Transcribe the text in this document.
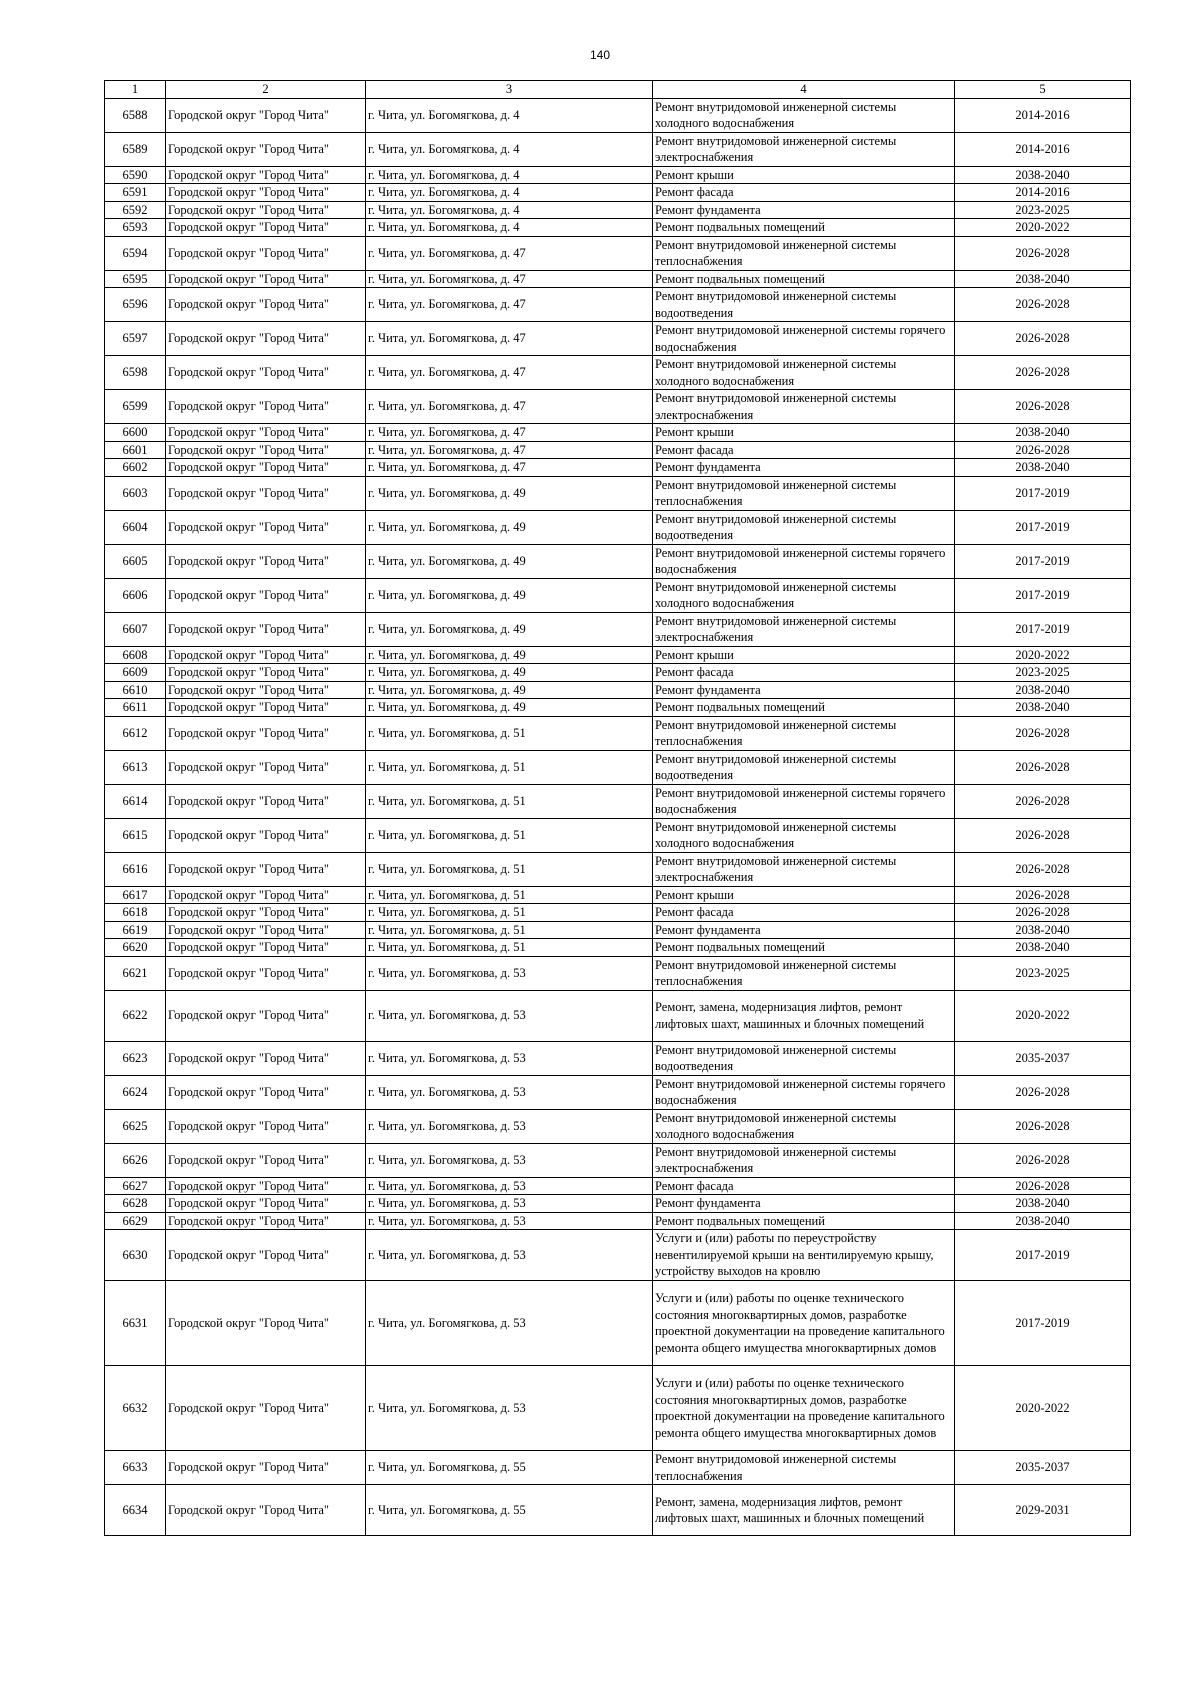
140
1	2	3	4	5
6588	Городской округ "Город Чита"	г. Чита, ул. Богомягкова, д. 4	Ремонт внутридомовой инженерной системы холодного водоснабжения	2014-2016
6589	Городской округ "Город Чита"	г. Чита, ул. Богомягкова, д. 4	Ремонт внутридомовой инженерной системы электроснабжения	2014-2016
6590	Городской округ "Город Чита"	г. Чита, ул. Богомягкова, д. 4	Ремонт крыши	2038-2040
6591	Городской округ "Город Чита"	г. Чита, ул. Богомягкова, д. 4	Ремонт фасада	2014-2016
6592	Городской округ "Город Чита"	г. Чита, ул. Богомягкова, д. 4	Ремонт фундамента	2023-2025
6593	Городской округ "Город Чита"	г. Чита, ул. Богомягкова, д. 4	Ремонт подвальных помещений	2020-2022
6594	Городской округ "Город Чита"	г. Чита, ул. Богомягкова, д. 47	Ремонт внутридомовой инженерной системы теплоснабжения	2026-2028
6595	Городской округ "Город Чита"	г. Чита, ул. Богомягкова, д. 47	Ремонт подвальных помещений	2038-2040
6596	Городской округ "Город Чита"	г. Чита, ул. Богомягкова, д. 47	Ремонт внутридомовой инженерной системы водоотведения	2026-2028
6597	Городской округ "Город Чита"	г. Чита, ул. Богомягкова, д. 47	Ремонт внутридомовой инженерной системы горячего водоснабжения	2026-2028
6598	Городской округ "Город Чита"	г. Чита, ул. Богомягкова, д. 47	Ремонт внутридомовой инженерной системы холодного водоснабжения	2026-2028
6599	Городской округ "Город Чита"	г. Чита, ул. Богомягкова, д. 47	Ремонт внутридомовой инженерной системы электроснабжения	2026-2028
6600	Городской округ "Город Чита"	г. Чита, ул. Богомягкова, д. 47	Ремонт крыши	2038-2040
6601	Городской округ "Город Чита"	г. Чита, ул. Богомягкова, д. 47	Ремонт фасада	2026-2028
6602	Городской округ "Город Чита"	г. Чита, ул. Богомягкова, д. 47	Ремонт фундамента	2038-2040
6603	Городской округ "Город Чита"	г. Чита, ул. Богомягкова, д. 49	Ремонт внутридомовой инженерной системы теплоснабжения	2017-2019
6604	Городской округ "Город Чита"	г. Чита, ул. Богомягкова, д. 49	Ремонт внутридомовой инженерной системы водоотведения	2017-2019
6605	Городской округ "Город Чита"	г. Чита, ул. Богомягкова, д. 49	Ремонт внутридомовой инженерной системы горячего водоснабжения	2017-2019
6606	Городской округ "Город Чита"	г. Чита, ул. Богомягкова, д. 49	Ремонт внутридомовой инженерной системы холодного водоснабжения	2017-2019
6607	Городской округ "Город Чита"	г. Чита, ул. Богомягкова, д. 49	Ремонт внутридомовой инженерной системы электроснабжения	2017-2019
6608	Городской округ "Город Чита"	г. Чита, ул. Богомягкова, д. 49	Ремонт крыши	2020-2022
6609	Городской округ "Город Чита"	г. Чита, ул. Богомягкова, д. 49	Ремонт фасада	2023-2025
6610	Городской округ "Город Чита"	г. Чита, ул. Богомягкова, д. 49	Ремонт фундамента	2038-2040
6611	Городской округ "Город Чита"	г. Чита, ул. Богомягкова, д. 49	Ремонт подвальных помещений	2038-2040
6612	Городской округ "Город Чита"	г. Чита, ул. Богомягкова, д. 51	Ремонт внутридомовой инженерной системы теплоснабжения	2026-2028
6613	Городской округ "Город Чита"	г. Чита, ул. Богомягкова, д. 51	Ремонт внутридомовой инженерной системы водоотведения	2026-2028
6614	Городской округ "Город Чита"	г. Чита, ул. Богомягкова, д. 51	Ремонт внутридомовой инженерной системы горячего водоснабжения	2026-2028
6615	Городской округ "Город Чита"	г. Чита, ул. Богомягкова, д. 51	Ремонт внутридомовой инженерной системы холодного водоснабжения	2026-2028
6616	Городской округ "Город Чита"	г. Чита, ул. Богомягкова, д. 51	Ремонт внутридомовой инженерной системы электроснабжения	2026-2028
6617	Городской округ "Город Чита"	г. Чита, ул. Богомягкова, д. 51	Ремонт крыши	2026-2028
6618	Городской округ "Город Чита"	г. Чита, ул. Богомягкова, д. 51	Ремонт фасада	2026-2028
6619	Городской округ "Город Чита"	г. Чита, ул. Богомягкова, д. 51	Ремонт фундамента	2038-2040
6620	Городской округ "Город Чита"	г. Чита, ул. Богомягкова, д. 51	Ремонт подвальных помещений	2038-2040
6621	Городской округ "Город Чита"	г. Чита, ул. Богомягкова, д. 53	Ремонт внутридомовой инженерной системы теплоснабжения	2023-2025
6622	Городской округ "Город Чита"	г. Чита, ул. Богомягкова, д. 53	Ремонт, замена, модернизация лифтов, ремонт лифтовых шахт, машинных и блочных помещений	2020-2022
6623	Городской округ "Город Чита"	г. Чита, ул. Богомягкова, д. 53	Ремонт внутридомовой инженерной системы водоотведения	2035-2037
6624	Городской округ "Город Чита"	г. Чита, ул. Богомягкова, д. 53	Ремонт внутридомовой инженерной системы горячего водоснабжения	2026-2028
6625	Городской округ "Город Чита"	г. Чита, ул. Богомягкова, д. 53	Ремонт внутридомовой инженерной системы холодного водоснабжения	2026-2028
6626	Городской округ "Город Чита"	г. Чита, ул. Богомягкова, д. 53	Ремонт внутридомовой инженерной системы электроснабжения	2026-2028
6627	Городской округ "Город Чита"	г. Чита, ул. Богомягкова, д. 53	Ремонт фасада	2026-2028
6628	Городской округ "Город Чита"	г. Чита, ул. Богомягкова, д. 53	Ремонт фундамента	2038-2040
6629	Городской округ "Город Чита"	г. Чита, ул. Богомягкова, д. 53	Ремонт подвальных помещений	2038-2040
6630	Городской округ "Город Чита"	г. Чита, ул. Богомягкова, д. 53	Услуги и (или) работы по переустройству невентилируемой крыши на вентилируемую крышу, устройству выходов на кровлю	2017-2019
6631	Городской округ "Город Чита"	г. Чита, ул. Богомягкова, д. 53	Услуги и (или) работы по оценке технического состояния многоквартирных домов, разработке проектной документации на проведение капитального ремонта общего имущества многоквартирных домов	2017-2019
6632	Городской округ "Город Чита"	г. Чита, ул. Богомягкова, д. 53	Услуги и (или) работы по оценке технического состояния многоквартирных домов, разработке проектной документации на проведение капитального ремонта общего имущества многоквартирных домов	2020-2022
6633	Городской округ "Город Чита"	г. Чита, ул. Богомягкова, д. 55	Ремонт внутридомовой инженерной системы теплоснабжения	2035-2037
6634	Городской округ "Город Чита"	г. Чита, ул. Богомягкова, д. 55	Ремонт, замена, модернизация лифтов, ремонт лифтовых шахт, машинных и блочных помещений	2029-2031
